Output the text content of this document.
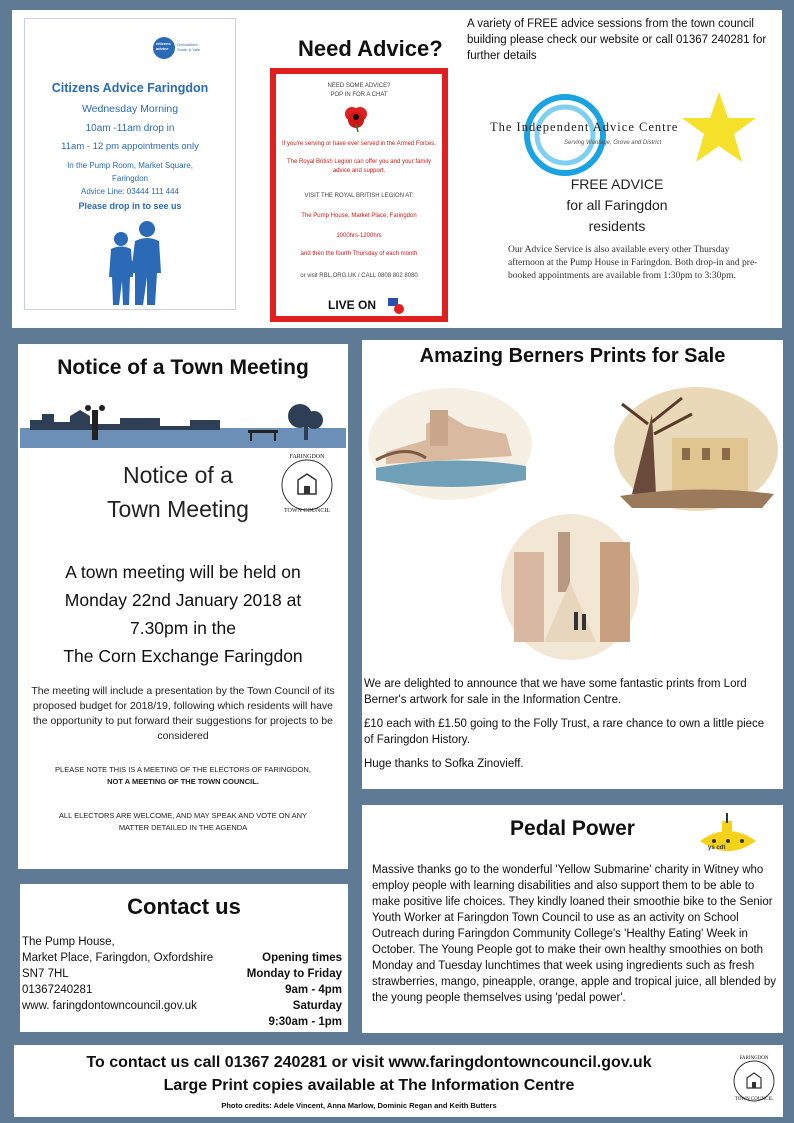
citizens
advice
Oxfordshire
South & Vale
Citizens Advice Faringdon
Wednesday Morning
10am -11am drop in
11am - 12 pm appointments only
In the Pump Room, Market Square,
Faringdon
Advice Line: 03444 111 444
Please drop in to see us
Need Advice?
NEED SOME ADVICE?
POP IN FOR A CHAT
If you're serving or have ever served in the Armed Forces,
The Royal British Legion can offer you and your family advice and support.
VISIT THE ROYAL BRITISH LEGION AT:
The Pump House, Market Place, Faringdon
1000hrs-1200hrs
and then the fourth Thursday of each month
or visit RBL.ORG.UK / CALL 0808 802 8080
LIVE ON
A variety of FREE advice sessions from the town council building please check our website or call 01367 240281 for further details
The Independent Advice Centre
Serving Wantage, Grove and District
FREE ADVICE
for all Faringdon
residents
Our Advice Service is also available every other Thursday afternoon at the Pump House in Faringdon. Both drop-in and pre-booked appointments are available from 1:30pm to 3:30pm.
Notice of a Town Meeting
Notice of a
Town Meeting
FARINGDON
TOWN COUNCIL
A town meeting will be held on
Monday 22nd January 2018 at
7.30pm in the
The Corn Exchange Faringdon
The meeting will include a presentation by the Town Council of its proposed budget for 2018/19, following which residents will have the opportunity to put forward their suggestions for projects to be considered
PLEASE NOTE THIS IS A MEETING OF THE ELECTORS OF FARINGDON,
NOT A MEETING OF THE TOWN COUNCIL.
ALL ELECTORS ARE WELCOME, AND MAY SPEAK AND VOTE ON ANY MATTER DETAILED IN THE AGENDA
Amazing Berners Prints for Sale
We are delighted to announce that we have some fantastic prints from Lord Berner's artwork for sale in the Information Centre.
£10 each with £1.50 going to the Folly Trust, a rare chance to own a little piece of Faringdon History.
Huge thanks to Sofka Zinovieff.
Pedal Power
ys cdt
Massive thanks go to the wonderful 'Yellow Submarine' charity in Witney who employ people with learning disabilities and also support them to be able to make positive life choices. They kindly loaned their smoothie bike to the Senior Youth Worker at Faringdon Town Council to use as an activity on School Outreach during Faringdon Community College's 'Healthy Eating' Week in October. The Young People got to make their own healthy smoothies on both Monday and Tuesday lunchtimes that week using ingredients such as fresh strawberries, mango, pineapple, orange, apple and tropical juice, all blended by the young people themselves using 'pedal power'.
Contact us
The Pump House,
Market Place, Faringdon, Oxfordshire
SN7 7HL
01367240281
www. faringdontowncouncil.gov.uk
Opening times
Monday to Friday
9am - 4pm
Saturday
9:30am - 1pm
To contact us call 01367 240281 or visit www.faringdontowncouncil.gov.uk
Large Print copies available at The Information Centre
Photo credits: Adele Vincent, Anna Marlow, Dominic Regan and Keith Butters
FARINGDON
TOWN COUNCIL
